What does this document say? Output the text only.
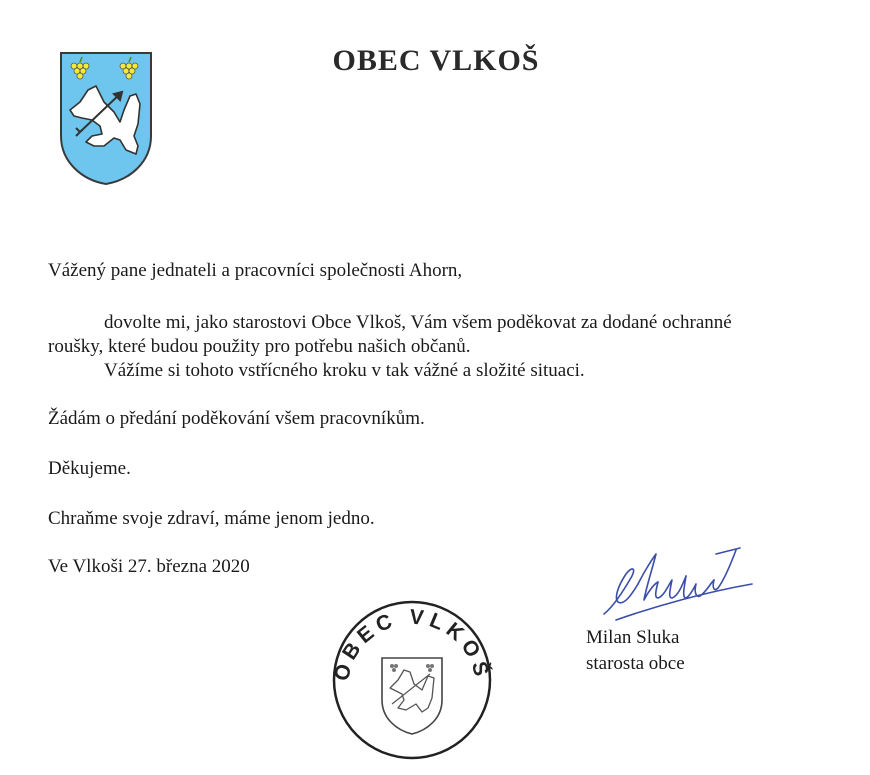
OBEC VLKOŠ

Vážený pane jednateli a pracovníci společnosti Ahorn,

dovolte mi, jako starostovi Obce Vlkoš, Vám všem poděkovat za dodané ochranné

roušky, které budou použity pro potřebu našich občanů.

Vážíme si tohoto vstřícného kroku v tak vážné a složité situaci.

Žádám o předání poděkování všem pracovníkům.

Děkujeme.

Chraňme svoje zdraví, máme jenom jedno.

Ve Vlkoši 27. března 2020

OBEC VLKOŠ

Milan Sluka

starosta obce
